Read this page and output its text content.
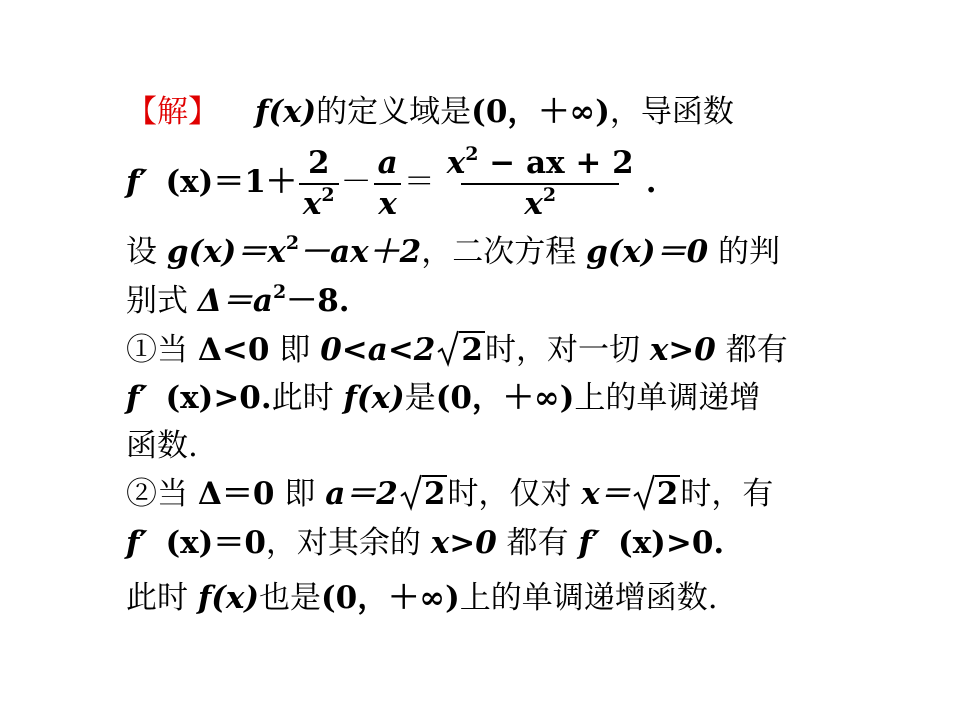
【解】 f(x)的定义域是(0，＋∞)，导函数
f′ $(x)=1+ \frac{2}{x^2} - \frac{a}{x} = \frac{x^2 - ax + 2}{x^2}$ .
设 $g(x)=x^2-ax+2$，二次方程 g(x)＝0 的判
别式 $\Delta=a^2-8$.
①当 Δ<0 即 0<a<2 2时，对一切 x>0 都有
f′ (x)>0.此时 f(x)是(0，＋∞)上的单调递增
函数.
②当 Δ＝0 即 a＝2 2时，仅对 x＝ 2时，有
f′ (x)＝0，对其余的 x>0 都有 f′ (x)>0.
此时 f(x)也是(0，＋∞)上的单调递增函数.
